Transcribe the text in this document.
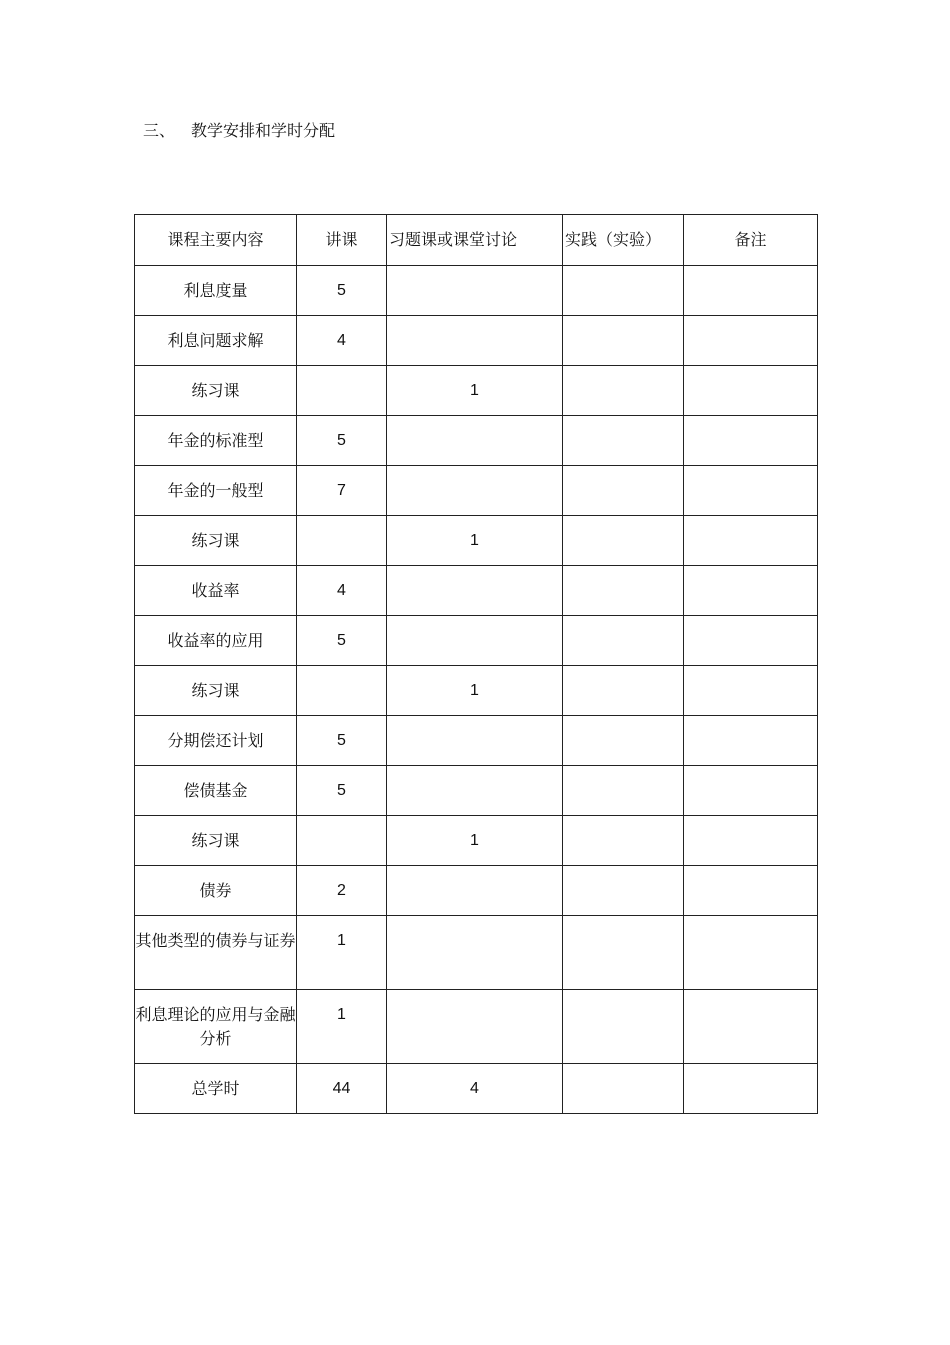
三、 教学安排和学时分配
课程主要内容	讲课	习题课或课堂讨论	实践（实验）	备注
利息度量	5			
利息问题求解	4			
练习课		1		
年金的标准型	5			
年金的一般型	7			
练习课		1		
收益率	4			
收益率的应用	5			
练习课		1		
分期偿还计划	5			
偿债基金	5			
练习课		1		
债券	2			
其他类型的债券与证券	1			
利息理论的应用与金融分析	1			
总学时	44	4		
